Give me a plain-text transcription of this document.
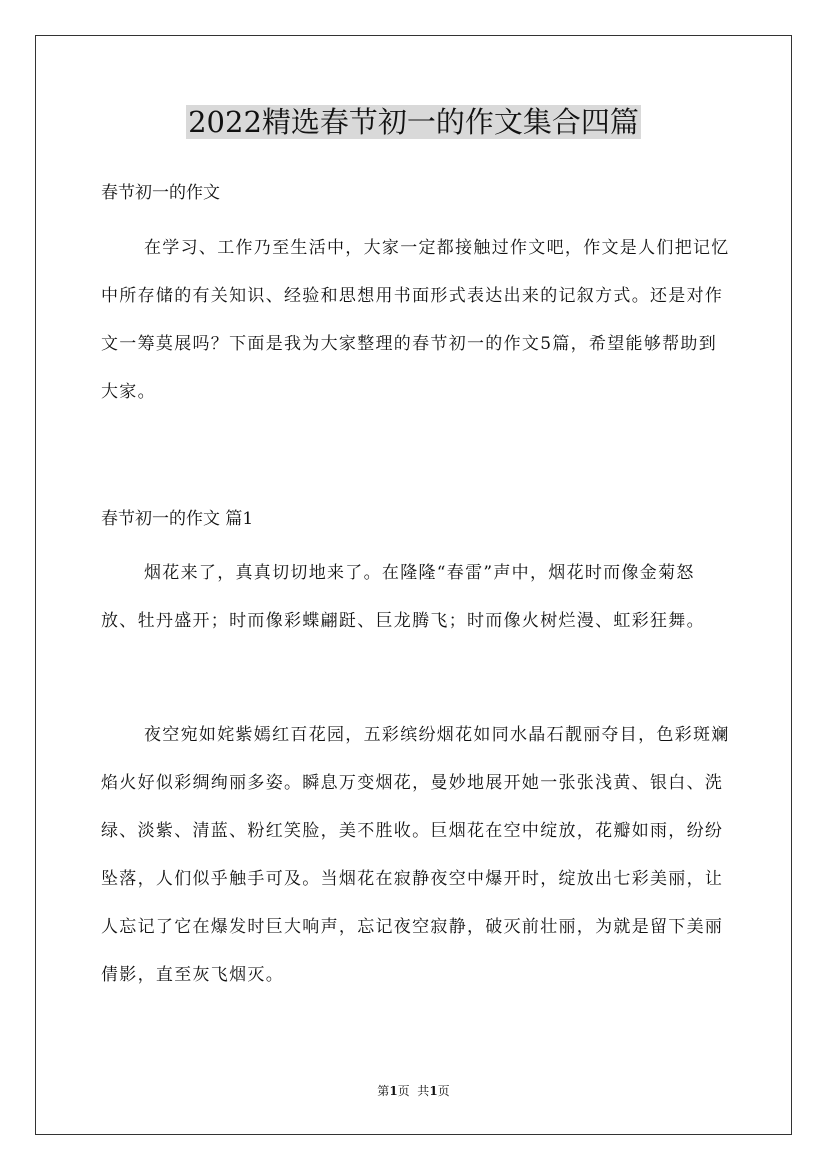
2022精选春节初一的作文集合四篇
春节初一的作文

在学习、工作乃至生活中，大家一定都接触过作文吧，作文是人们把记忆中所存储的有关知识、经验和思想用书面形式表达出来的记叙方式。还是对作文一筹莫展吗？下面是我为大家整理的春节初一的作文5篇，希望能够帮助到大家。

春节初一的作文 篇1

烟花来了，真真切切地来了。在隆隆“春雷”声中，烟花时而像金菊怒放、牡丹盛开；时而像彩蝶翩跹、巨龙腾飞；时而像火树烂漫、虹彩狂舞。

夜空宛如姹紫嫣红百花园，五彩缤纷烟花如同水晶石靓丽夺目，色彩斑斓焰火好似彩绸绚丽多姿。瞬息万变烟花，曼妙地展开她一张张浅黄、银白、洗绿、淡紫、清蓝、粉红笑脸，美不胜收。巨烟花在空中绽放，花瓣如雨，纷纷坠落，人们似乎触手可及。当烟花在寂静夜空中爆开时，绽放出七彩美丽，让人忘记了它在爆发时巨大响声，忘记夜空寂静，破灭前壮丽，为就是留下美丽倩影，直至灰飞烟灭。

第1页  共1页
